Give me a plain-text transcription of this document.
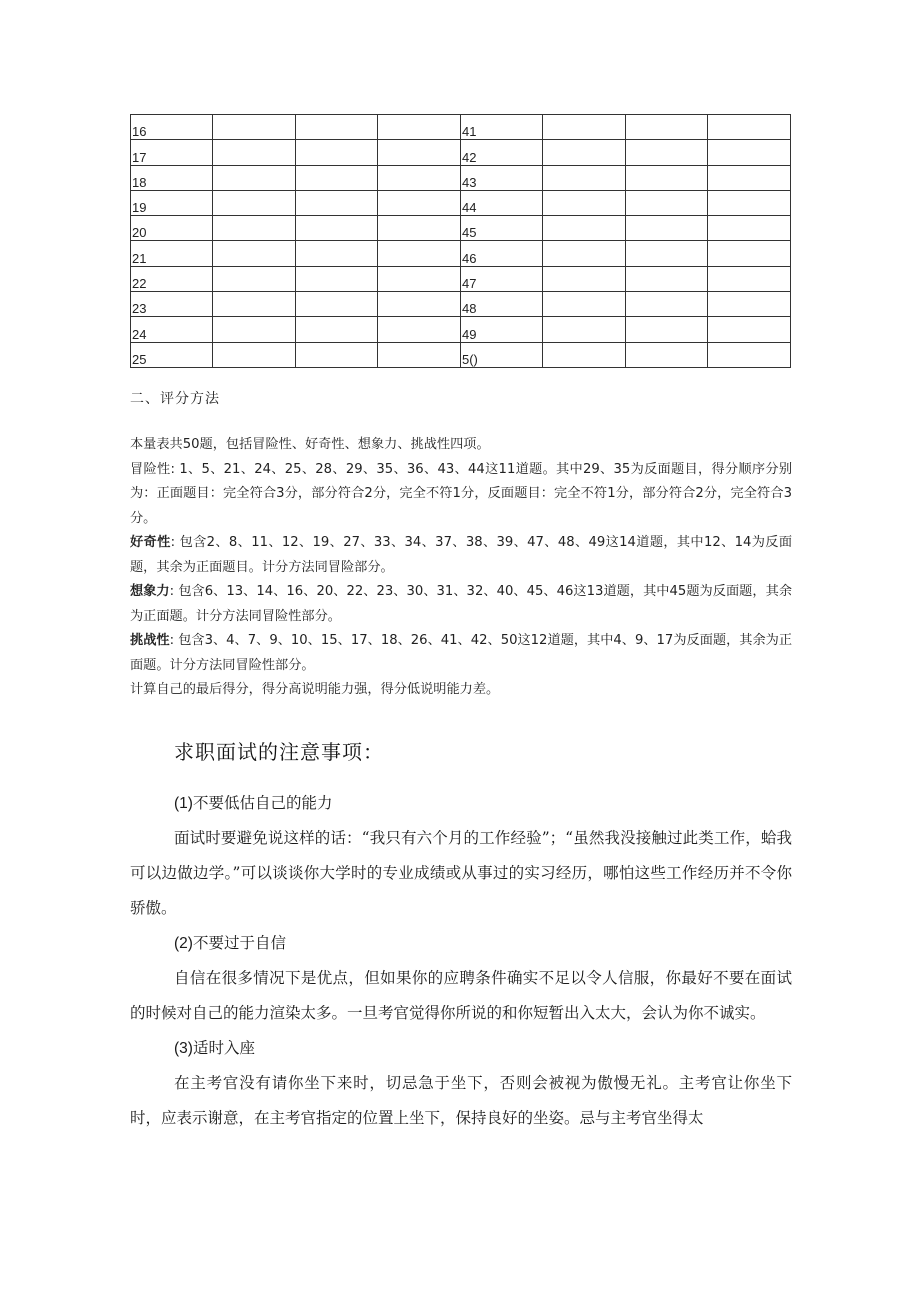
16				41			
17				42			
18				43			
19				44			
20				45			
21				46			
22				47			
23				48			
24				49			
25				5()			
二、评分方法

本量表共50题，包括冒险性、好奇性、想象力、挑战性四项。

冒险性: 1、5、21、24、25、28、29、35、36、43、44这11道题。其中29、35为反面题目，得分顺序分别为：正面题目：完全符合3分，部分符合2分，完全不符1分，反面题目：完全不符1分，部分符合2分，完全符合3分。

好奇性: 包含2、8、11、12、19、27、33、34、37、38、39、47、48、49这14道题，其中12、14为反面题，其余为正面题目。计分方法同冒险部分。

想象力: 包含6、13、14、16、20、22、23、30、31、32、40、45、46这13道题，其中45题为反面题，其余为正面题。计分方法同冒险性部分。

挑战性: 包含3、4、7、9、10、15、17、18、26、41、42、50这12道题，其中4、9、17为反面题，其余为正面题。计分方法同冒险性部分。

计算自己的最后得分，得分高说明能力强，得分低说明能力差。

求职面试的注意事项：

(1)不要低估自己的能力

面试时要避免说这样的话：“我只有六个月的工作经验”；“虽然我没接触过此类工作，蛤我可以边做边学。”可以谈谈你大学时的专业成绩或从事过的实习经历，哪怕这些工作经历并不令你骄傲。

(2)不要过于自信

自信在很多情况下是优点，但如果你的应聘条件确实不足以令人信服，你最好不要在面试的时候对自己的能力渲染太多。一旦考官觉得你所说的和你短暂出入太大，会认为你不诚实。

(3)适时入座

在主考官没有请你坐下来时，切忌急于坐下，否则会被视为傲慢无礼。主考官让你坐下时，应表示谢意，在主考官指定的位置上坐下，保持良好的坐姿。忌与主考官坐得太
